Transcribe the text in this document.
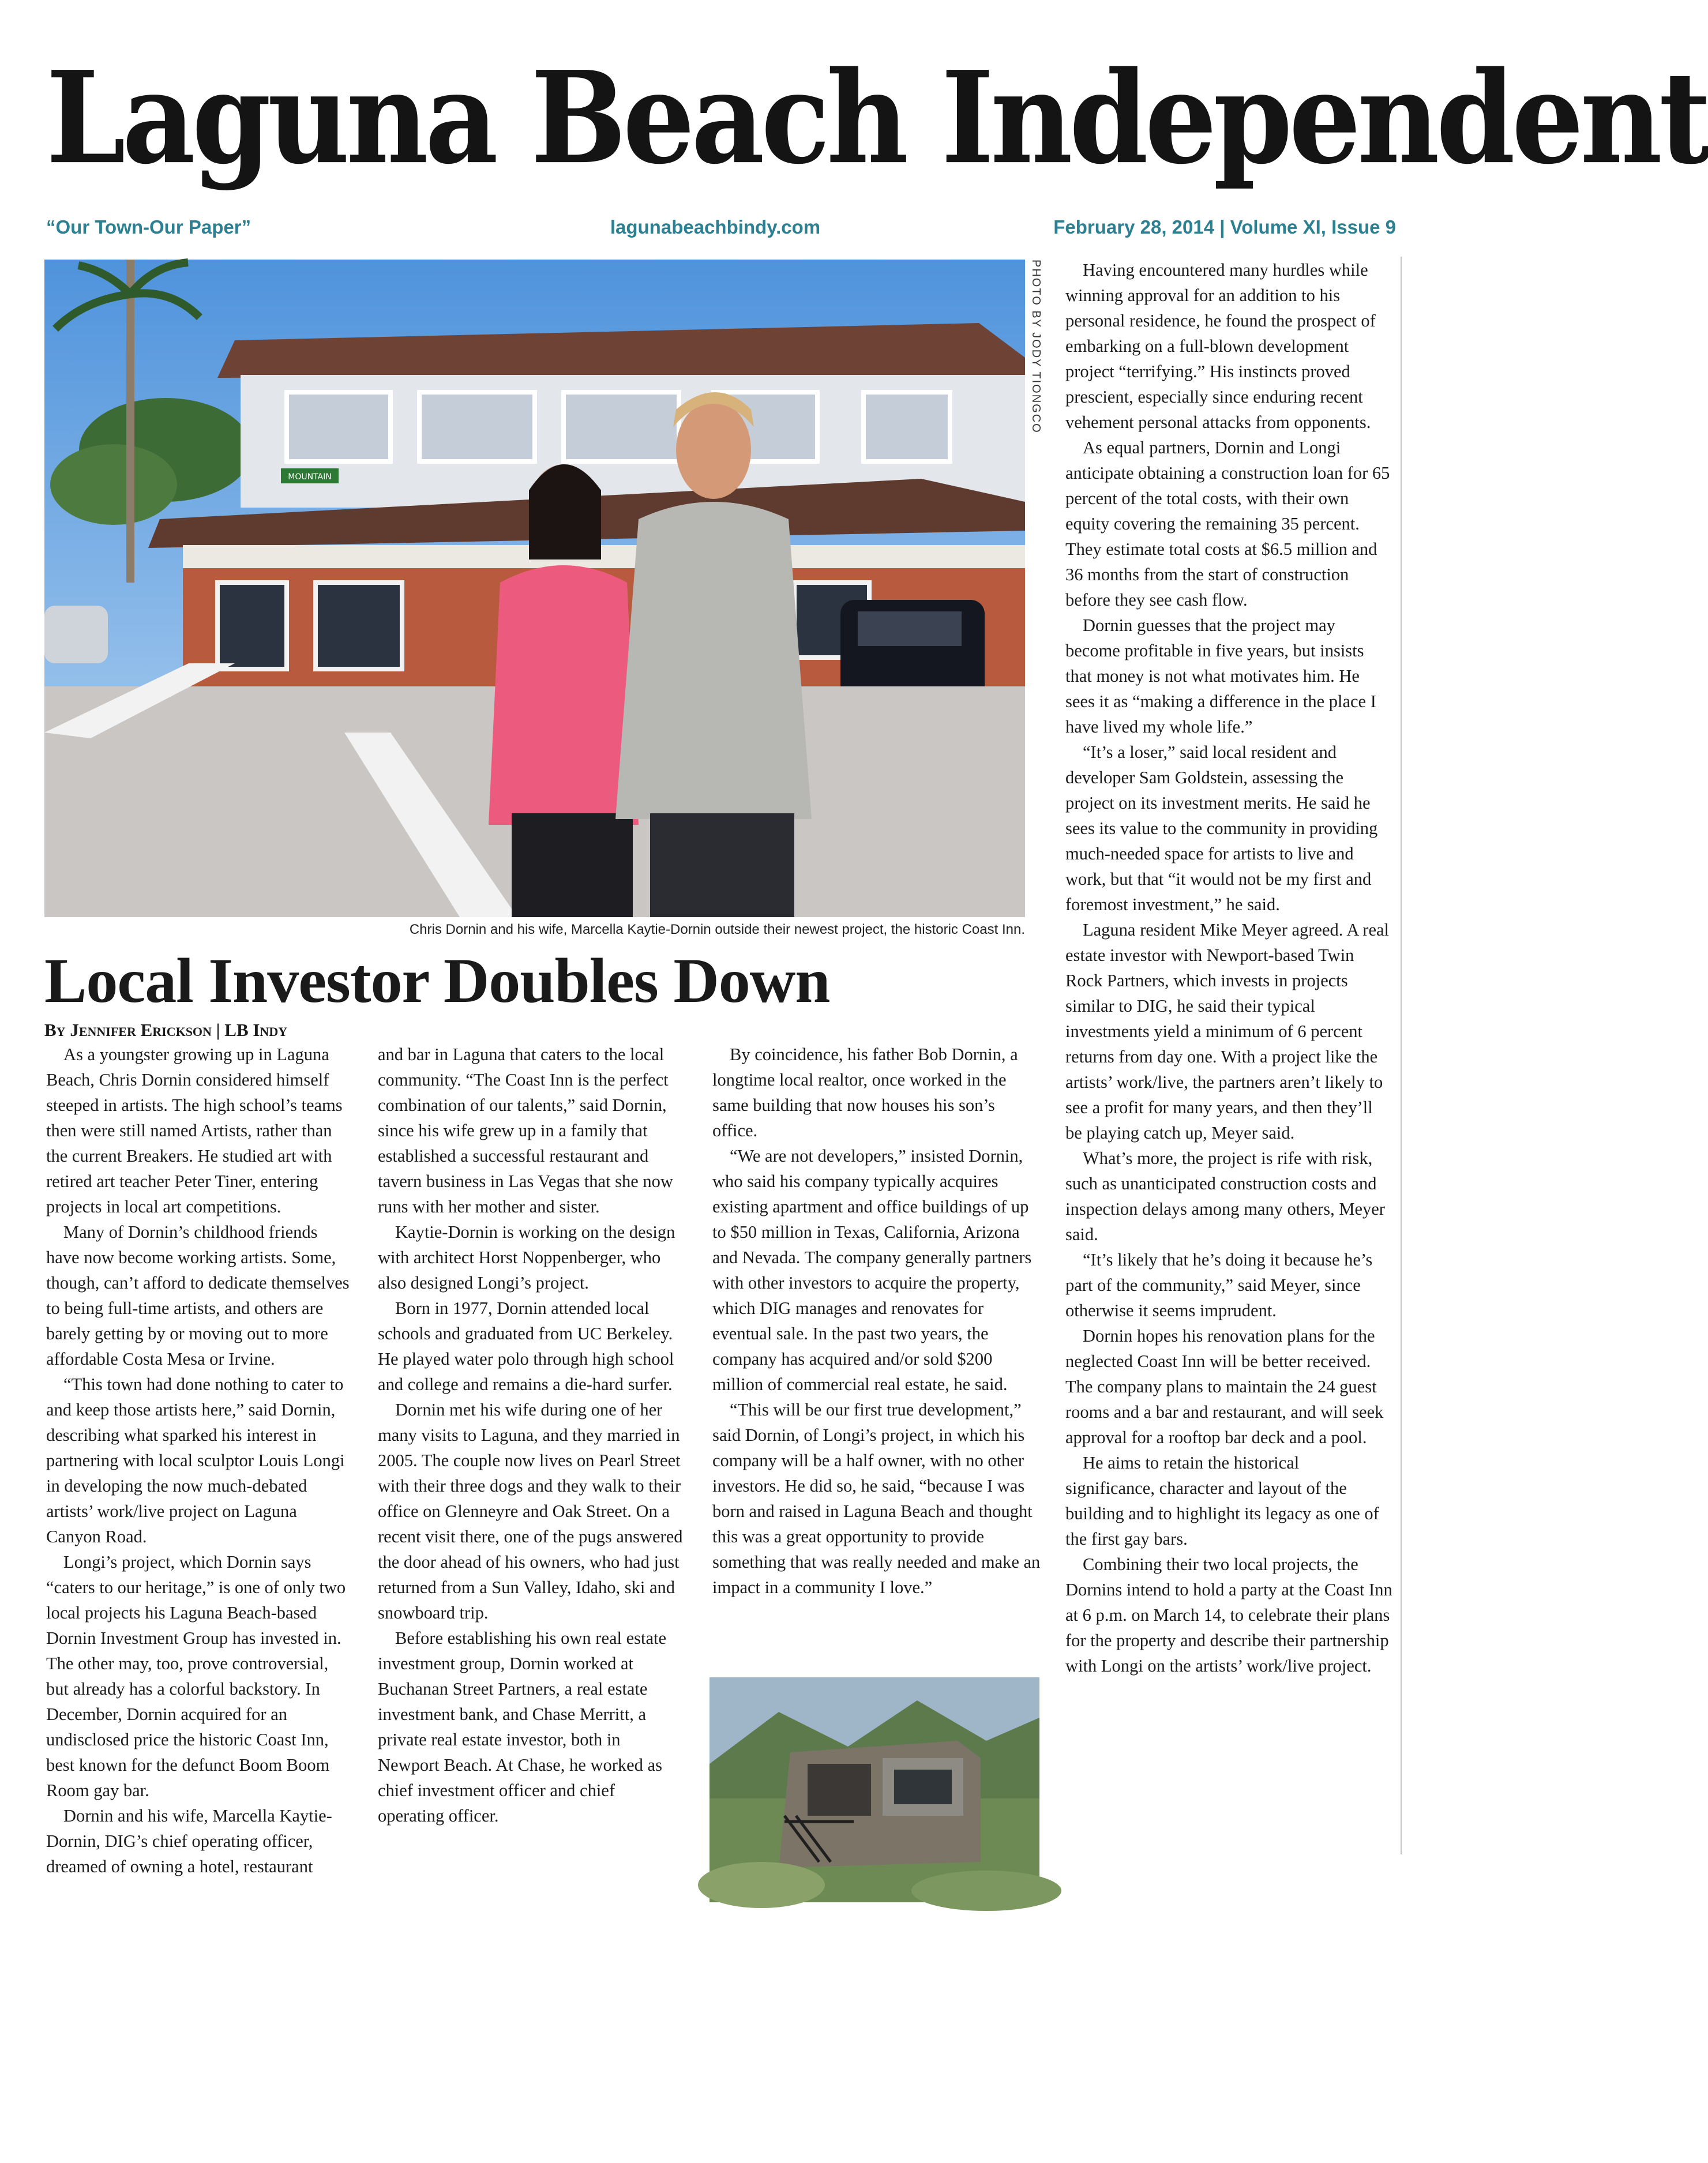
Laguna Beach Independent
“Our Town-Our Paper”	lagunabeachbindy.com	February 28, 2014 | Volume XI, Issue 9
MOUNTAIN
PHOTO BY JODY TIONGCO
Chris Dornin and his wife, Marcella Kaytie-Dornin outside their newest project, the historic Coast Inn.
Local Investor Doubles Down
By Jennifer Erickson | LB Indy

As a youngster growing up in Laguna Beach, Chris Dornin considered himself steeped in artists. The high school’s teams then were still named Artists, rather than the current Breakers. He studied art with retired art teacher Peter Tiner, entering projects in local art competitions.

Many of Dornin’s childhood friends have now become working artists. Some, though, can’t afford to dedicate themselves to being full-time artists, and others are barely getting by or moving out to more affordable Costa Mesa or Irvine.

“This town had done nothing to cater to and keep those artists here,” said Dornin, describing what sparked his interest in partnering with local sculptor Louis Longi in developing the now much-debated artists’ work/live project on Laguna Canyon Road.

Longi’s project, which Dornin says “caters to our heritage,” is one of only two local projects his Laguna Beach-based Dornin Investment Group has invested in. The other may, too, prove controversial, but already has a colorful backstory. In December, Dornin acquired for an undisclosed price the historic Coast Inn, best known for the defunct Boom Boom Room gay bar.

Dornin and his wife, Marcella Kaytie-Dornin, DIG’s chief operating officer, dreamed of owning a hotel, restaurant

and bar in Laguna that caters to the local community. “The Coast Inn is the perfect combination of our talents,” said Dornin, since his wife grew up in a family that established a successful restaurant and tavern business in Las Vegas that she now runs with her mother and sister.

Kaytie-Dornin is working on the design with architect Horst Noppenberger, who also designed Longi’s project.

Born in 1977, Dornin attended local schools and graduated from UC Berkeley. He played water polo through high school and college and remains a die-hard surfer.

Dornin met his wife during one of her many visits to Laguna, and they married in 2005. The couple now lives on Pearl Street with their three dogs and they walk to their office on Glenneyre and Oak Street. On a recent visit there, one of the pugs answered the door ahead of his owners, who had just returned from a Sun Valley, Idaho, ski and snowboard trip.

Before establishing his own real estate investment group, Dornin worked at Buchanan Street Partners, a real estate investment bank, and Chase Merritt, a private real estate investor, both in Newport Beach. At Chase, he worked as chief investment officer and chief operating officer.

By coincidence, his father Bob Dornin, a longtime local realtor, once worked in the same building that now houses his son’s office.

“We are not developers,” insisted Dornin, who said his company typically acquires existing apartment and office buildings of up to $50 million in Texas, California, Arizona and Nevada. The company generally partners with other investors to acquire the property, which DIG manages and renovates for eventual sale. In the past two years, the company has acquired and/or sold $200 million of commercial real estate, he said.

“This will be our first true development,” said Dornin, of Longi’s project, in which his company will be a half owner, with no other investors. He did so, he said, “because I was born and raised in Laguna Beach and thought this was a great opportunity to provide something that was really needed and make an impact in a community I love.”

Having encountered many hurdles while winning approval for an addition to his personal residence, he found the prospect of embarking on a full-blown development project “terrifying.” His instincts proved prescient, especially since enduring recent vehement personal attacks from opponents.

As equal partners, Dornin and Longi anticipate obtaining a construction loan for 65 percent of the total costs, with their own equity covering the remaining 35 percent. They estimate total costs at $6.5 million and 36 months from the start of construction before they see cash flow.

Dornin guesses that the project may become profitable in five years, but insists that money is not what motivates him. He sees it as “making a difference in the place I have lived my whole life.”

“It’s a loser,” said local resident and developer Sam Goldstein, assessing the project on its investment merits. He said he sees its value to the community in providing much-needed space for artists to live and work, but that “it would not be my first and foremost investment,” he said.

Laguna resident Mike Meyer agreed. A real estate investor with Newport-based Twin Rock Partners, which invests in projects similar to DIG, he said their typical investments yield a minimum of 6 percent returns from day one. With a project like the artists’ work/live, the partners aren’t likely to see a profit for many years, and then they’ll be playing catch up, Meyer said.

What’s more, the project is rife with risk, such as unanticipated construction costs and inspection delays among many others, Meyer said.

“It’s likely that he’s doing it because he’s part of the community,” said Meyer, since otherwise it seems imprudent.

Dornin hopes his renovation plans for the neglected Coast Inn will be better received. The company plans to maintain the 24 guest rooms and a bar and restaurant, and will seek approval for a rooftop bar deck and a pool.

He aims to retain the historical significance, character and layout of the building and to highlight its legacy as one of the first gay bars.

Combining their two local projects, the Dornins intend to hold a party at the Coast Inn at 6 p.m. on March 14, to celebrate their plans for the property and describe their partnership with Longi on the artists’ work/live project.
